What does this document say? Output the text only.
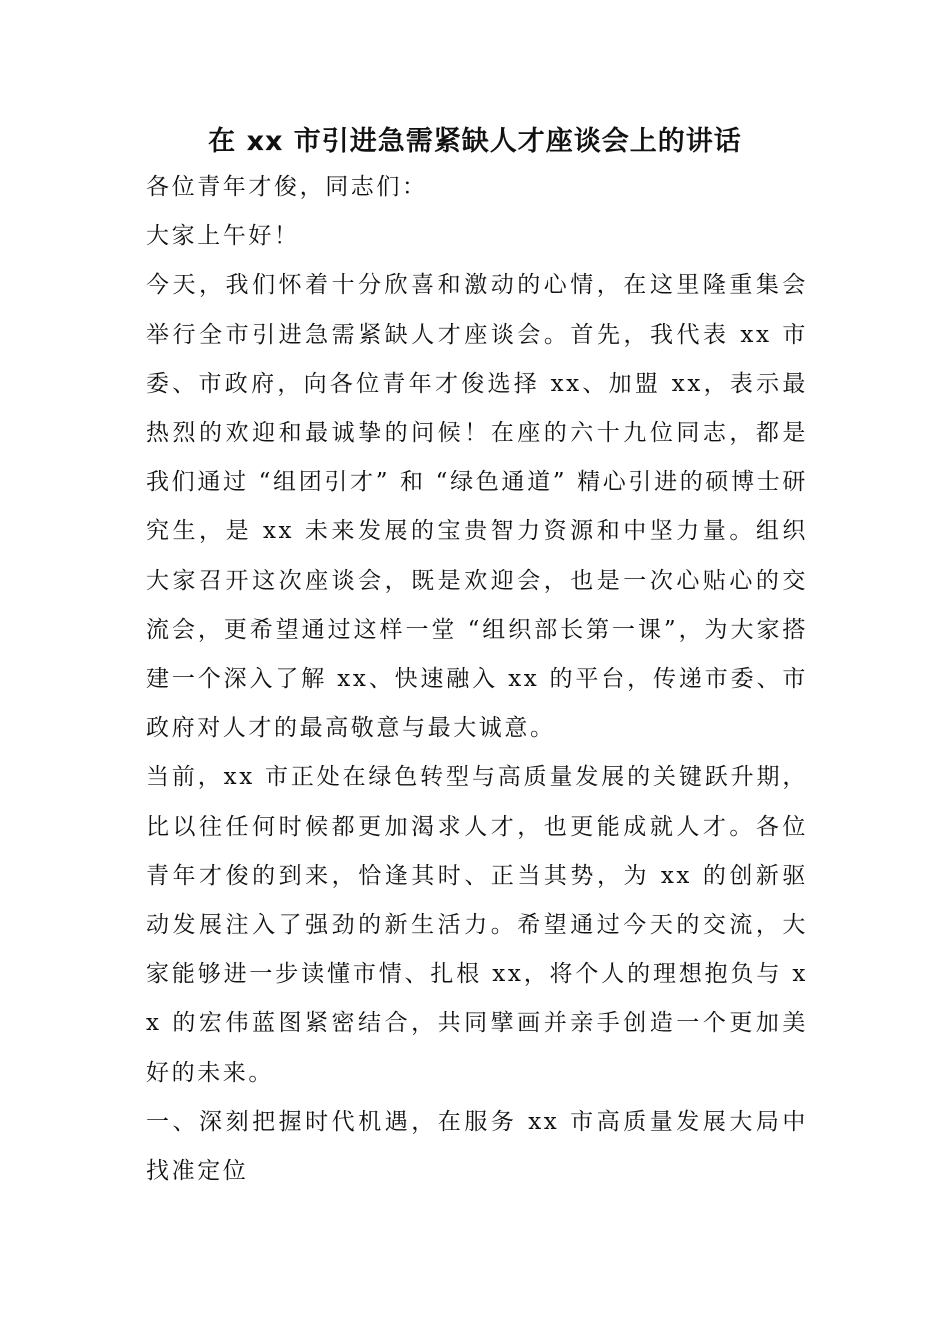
在 xx 市引进急需紧缺人才座谈会上的讲话

各位青年才俊，同志们：

大家上午好！

今天，我们怀着十分欣喜和激动的心情，在这里隆重集会举行全市引进急需紧缺人才座谈会。首先，我代表 xx 市委、市政府，向各位青年才俊选择 xx、加盟 xx，表示最热烈的欢迎和最诚挚的问候！在座的六十九位同志，都是我们通过 “组团引才” 和 “绿色通道” 精心引进的硕博士研究生，是 xx 未来发展的宝贵智力资源和中坚力量。组织大家召开这次座谈会，既是欢迎会，也是一次心贴心的交流会，更希望通过这样一堂 “组织部长第一课”，为大家搭建一个深入了解 xx、快速融入 xx 的平台，传递市委、市政府对人才的最高敬意与最大诚意。

当前，xx 市正处在绿色转型与高质量发展的关键跃升期，比以往任何时候都更加渴求人才，也更能成就人才。各位青年才俊的到来，恰逢其时、正当其势，为 xx 的创新驱动发展注入了强劲的新生活力。希望通过今天的交流，大家能够进一步读懂市情、扎根 xx，将个人的理想抱负与 xx 的宏伟蓝图紧密结合，共同擘画并亲手创造一个更加美好的未来。

一、深刻把握时代机遇，在服务 xx 市高质量发展大局中找准定位
